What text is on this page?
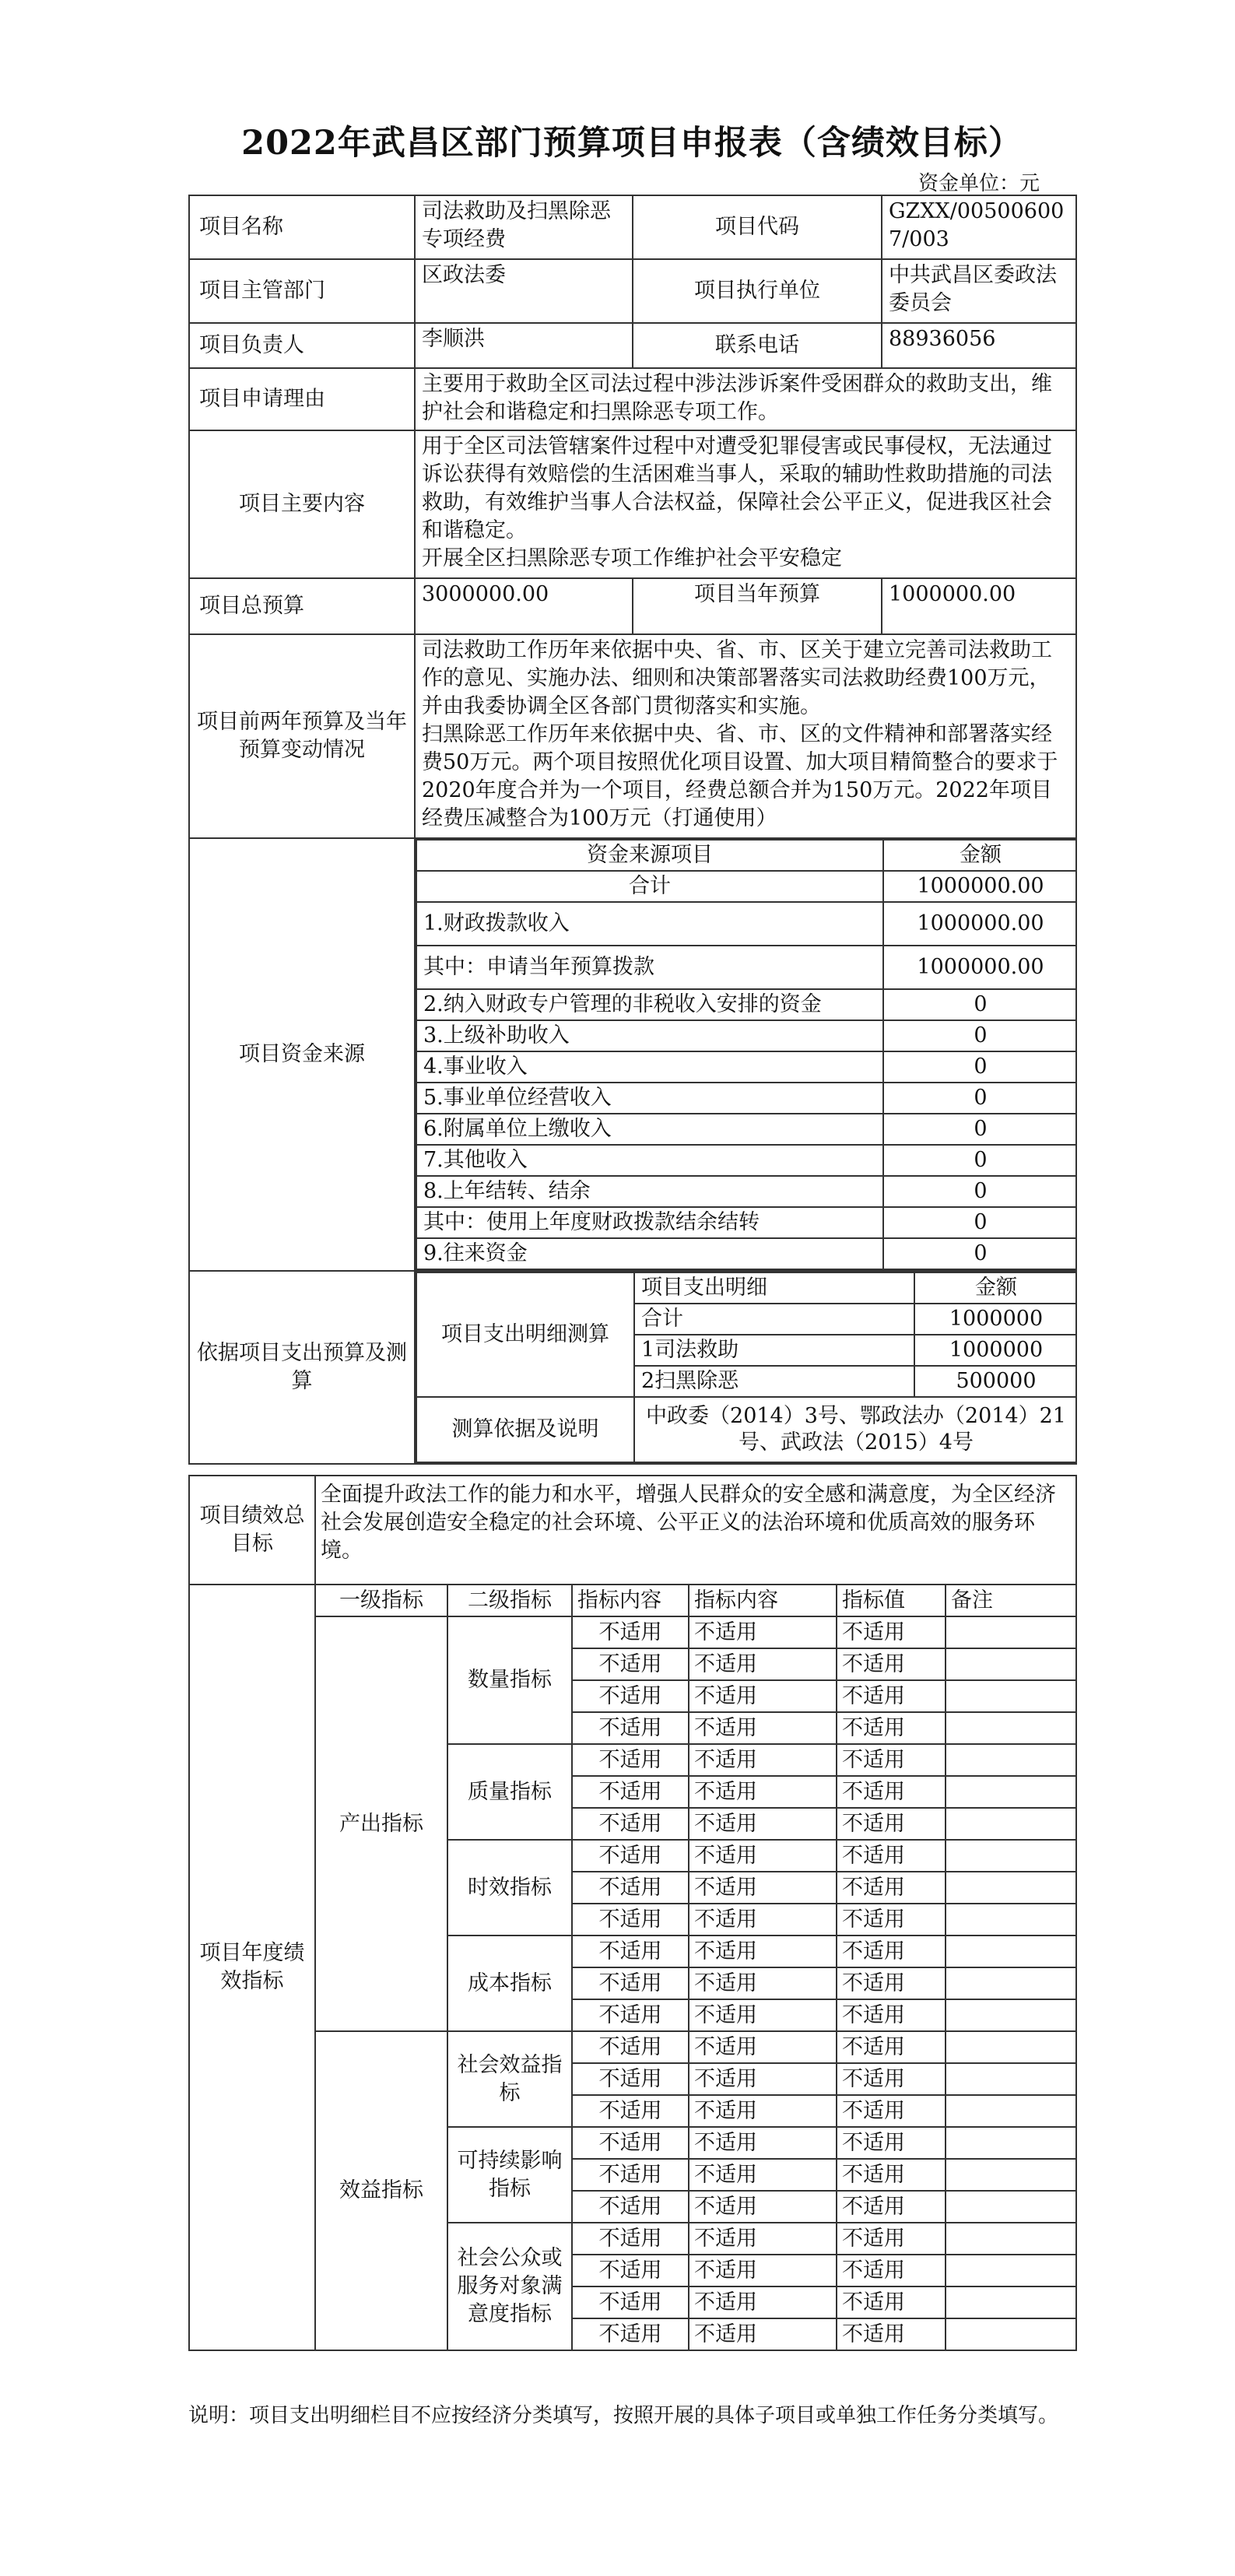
2022年武昌区部门预算项目申报表（含绩效目标）
资金单位：元
项目名称	司法救助及扫黑除恶专项经费	项目代码	GZXX/005006007/003
项目主管部门	区政法委	项目执行单位	中共武昌区委政法委员会
项目负责人	李顺洪	联系电话	88936056
项目申请理由	主要用于救助全区司法过程中涉法涉诉案件受困群众的救助支出，维护社会和谐稳定和扫黑除恶专项工作。
项目主要内容	
用于全区司法管辖案件过程中对遭受犯罪侵害或民事侵权，无法通过诉讼获得有效赔偿的生活困难当事人，采取的辅助性救助措施的司法救助，有效维护当事人合法权益，保障社会公平正义，促进我区社会和谐稳定。
开展全区扫黑除恶专项工作维护社会平安稳定

项目总预算	3000000.00	项目当年预算	1000000.00
项目前两年预算及当年预算变动情况	
司法救助工作历年来依据中央、省、市、区关于建立完善司法救助工作的意见、实施办法、细则和决策部署落实司法救助经费100万元，并由我委协调全区各部门贯彻落实和实施。
扫黑除恶工作历年来依据中央、省、市、区的文件精神和部署落实经费50万元。两个项目按照优化项目设置、加大项目精简整合的要求于2020年度合并为一个项目，经费总额合并为150万元。2022年项目经费压减整合为100万元（打通使用）

项目资金来源	
资金来源项目	金额
合计	1000000.00
1.财政拨款收入	1000000.00
其中：申请当年预算拨款	1000000.00
2.纳入财政专户管理的非税收入安排的资金	0
3.上级补助收入	0
4.事业收入	0
5.事业单位经营收入	0
6.附属单位上缴收入	0
7.其他收入	0
8.上年结转、结余	0
其中：使用上年度财政拨款结余结转	0
9.往来资金	0

依据项目支出预算及测算	
项目支出明细测算	项目支出明细	金额
合计	1000000
1司法救助	1000000
2扫黑除恶	500000
测算依据及说明	中政委（2014）3号、鄂政法办（2014）21号、武政法（2015）4号
项目绩效总目标	全面提升政法工作的能力和水平，增强人民群众的安全感和满意度，为全区经济社会发展创造安全稳定的社会环境、公平正义的法治环境和优质高效的服务环境。					
项目年度绩效指标	一级指标	二级指标	指标内容	指标内容	指标值	备注
	产出指标	数量指标	不适用	不适用	不适用	
			不适用	不适用	不适用	
			不适用	不适用	不适用	
			不适用	不适用	不适用	
		质量指标	不适用	不适用	不适用	
			不适用	不适用	不适用	
			不适用	不适用	不适用	
		时效指标	不适用	不适用	不适用	
			不适用	不适用	不适用	
			不适用	不适用	不适用	
		成本指标	不适用	不适用	不适用	
			不适用	不适用	不适用	
			不适用	不适用	不适用	
	效益指标	社会效益指标	不适用	不适用	不适用	
			不适用	不适用	不适用	
			不适用	不适用	不适用	
		可持续影响指标	不适用	不适用	不适用	
			不适用	不适用	不适用	
			不适用	不适用	不适用	
		社会公众或服务对象满意度指标	不适用	不适用	不适用	
			不适用	不适用	不适用	
			不适用	不适用	不适用	
			不适用	不适用	不适用	
说明：项目支出明细栏目不应按经济分类填写，按照开展的具体子项目或单独工作任务分类填写。
